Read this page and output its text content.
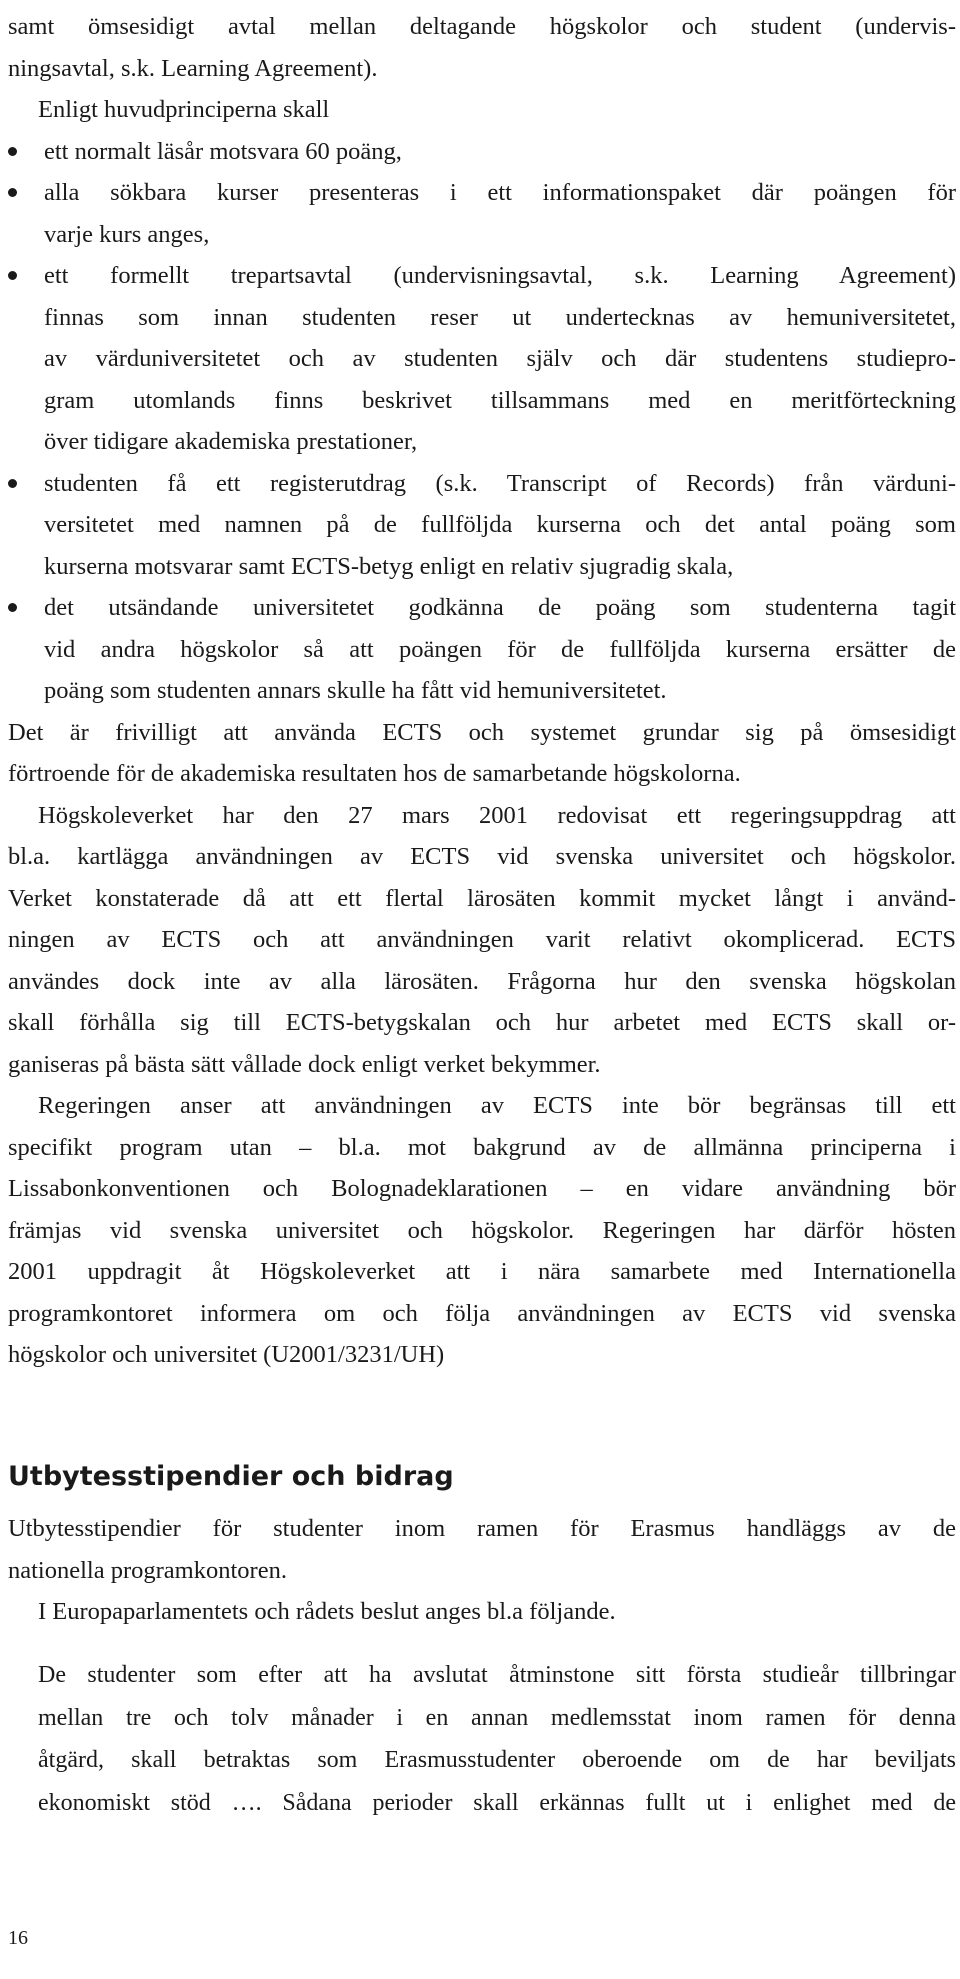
samt ömsesidigt avtal mellan deltagande högskolor och student (undervis-
ningsavtal, s.k. Learning Agreement).
Enligt huvudprinciperna skall
ett normalt läsår motsvara 60 poäng,
alla sökbara kurser presenteras i ett informationspaket där poängen för
varje kurs anges,
ett formellt trepartsavtal (undervisningsavtal, s.k. Learning Agreement)
finnas som innan studenten reser ut undertecknas av hemuniversitetet,
av värduniversitetet och av studenten själv och där studentens studiepro-
gram utomlands finns beskrivet tillsammans med en meritförteckning
över tidigare akademiska prestationer,
studenten få ett registerutdrag (s.k. Transcript of Records) från värduni-
versitetet med namnen på de fullföljda kurserna och det antal poäng som
kurserna motsvarar samt ECTS-betyg enligt en relativ sjugradig skala,
det utsändande universitetet godkänna de poäng som studenterna tagit
vid andra högskolor så att poängen för de fullföljda kurserna ersätter de
poäng som studenten annars skulle ha fått vid hemuniversitetet.
Det är frivilligt att använda ECTS och systemet grundar sig på ömsesidigt
förtroende för de akademiska resultaten hos de samarbetande högskolorna.
Högskoleverket har den 27 mars 2001 redovisat ett regeringsuppdrag att
bl.a. kartlägga användningen av ECTS vid svenska universitet och högskolor.
Verket konstaterade då att ett flertal lärosäten kommit mycket långt i använd-
ningen av ECTS och att användningen varit relativt okomplicerad. ECTS
användes dock inte av alla lärosäten. Frågorna hur den svenska högskolan
skall förhålla sig till ECTS-betygskalan och hur arbetet med ECTS skall or-
ganiseras på bästa sätt vållade dock enligt verket bekymmer.
Regeringen anser att användningen av ECTS inte bör begränsas till ett
specifikt program utan – bl.a. mot bakgrund av de allmänna principerna i
Lissabonkonventionen och Bolognadeklarationen – en vidare användning bör
främjas vid svenska universitet och högskolor. Regeringen har därför hösten
2001 uppdragit åt Högskoleverket att i nära samarbete med Internationella
programkontoret informera om och följa användningen av ECTS vid svenska
högskolor och universitet (U2001/3231/UH)
Utbytesstipendier och bidrag
Utbytesstipendier för studenter inom ramen för Erasmus handläggs av de
nationella programkontoren.
I Europaparlamentets och rådets beslut anges bl.a följande.
De studenter som efter att ha avslutat åtminstone sitt första studieår tillbringar
mellan tre och tolv månader i en annan medlemsstat inom ramen för denna
åtgärd, skall betraktas som Erasmusstudenter oberoende om de har beviljats
ekonomiskt stöd …. Sådana perioder skall erkännas fullt ut i enlighet med de
16
